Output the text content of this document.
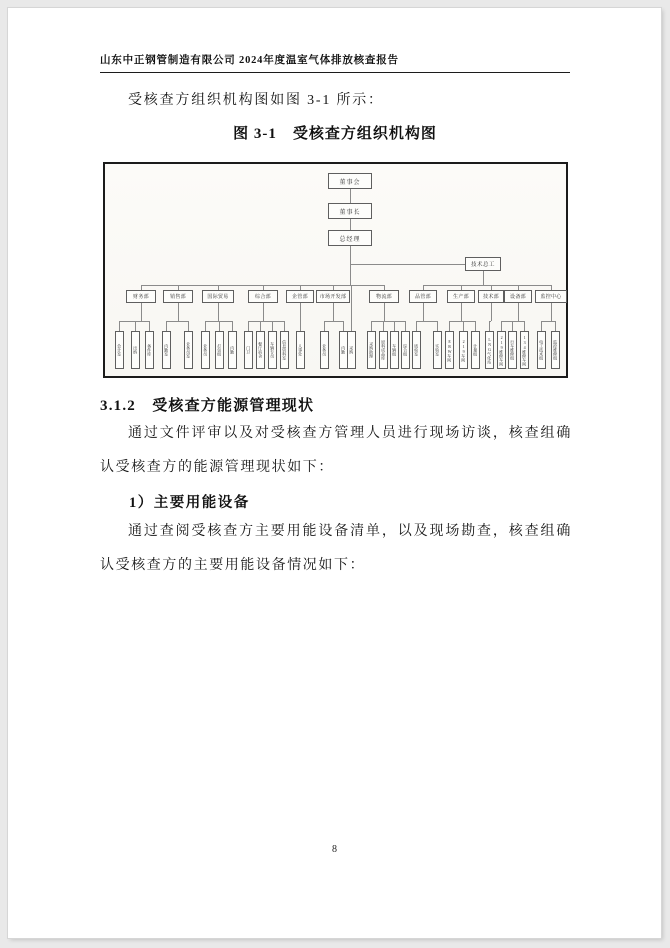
山东中正钢管制造有限公司 2024年度温室气体排放核查报告

受核查方组织机构图如图 3-1 所示：

图 3-1　受核查方组织机构图
董事会
董事长
总经理
技术总工
采购
财务部
会计室	出纳	备件库
销售部
内勤室	业务员室
国际贸易
业务员	打包组	内勤
综合部
门卫	餐厅宿舍	车辆专员	信息资料室
企管部
人事处
市场开发部
业务员	内勤
物流部
采购助理	原料成品库	车辆组	综合组
品管部
质检室	实验室
生产部
ERW车间	219车间	计量组
技术部
LNG气化站
设备部
219维修车间	行车维修组	134维修车间
监控中心
电工技术组	监控维修组
3.1.2　受核查方能源管理现状

通过文件评审以及对受核查方管理人员进行现场访谈，核查组确认受核查方的能源管理现状如下：

1）主要用能设备

通过查阅受核查方主要用能设备清单，以及现场勘查，核查组确认受核查方的主要用能设备情况如下：

8
